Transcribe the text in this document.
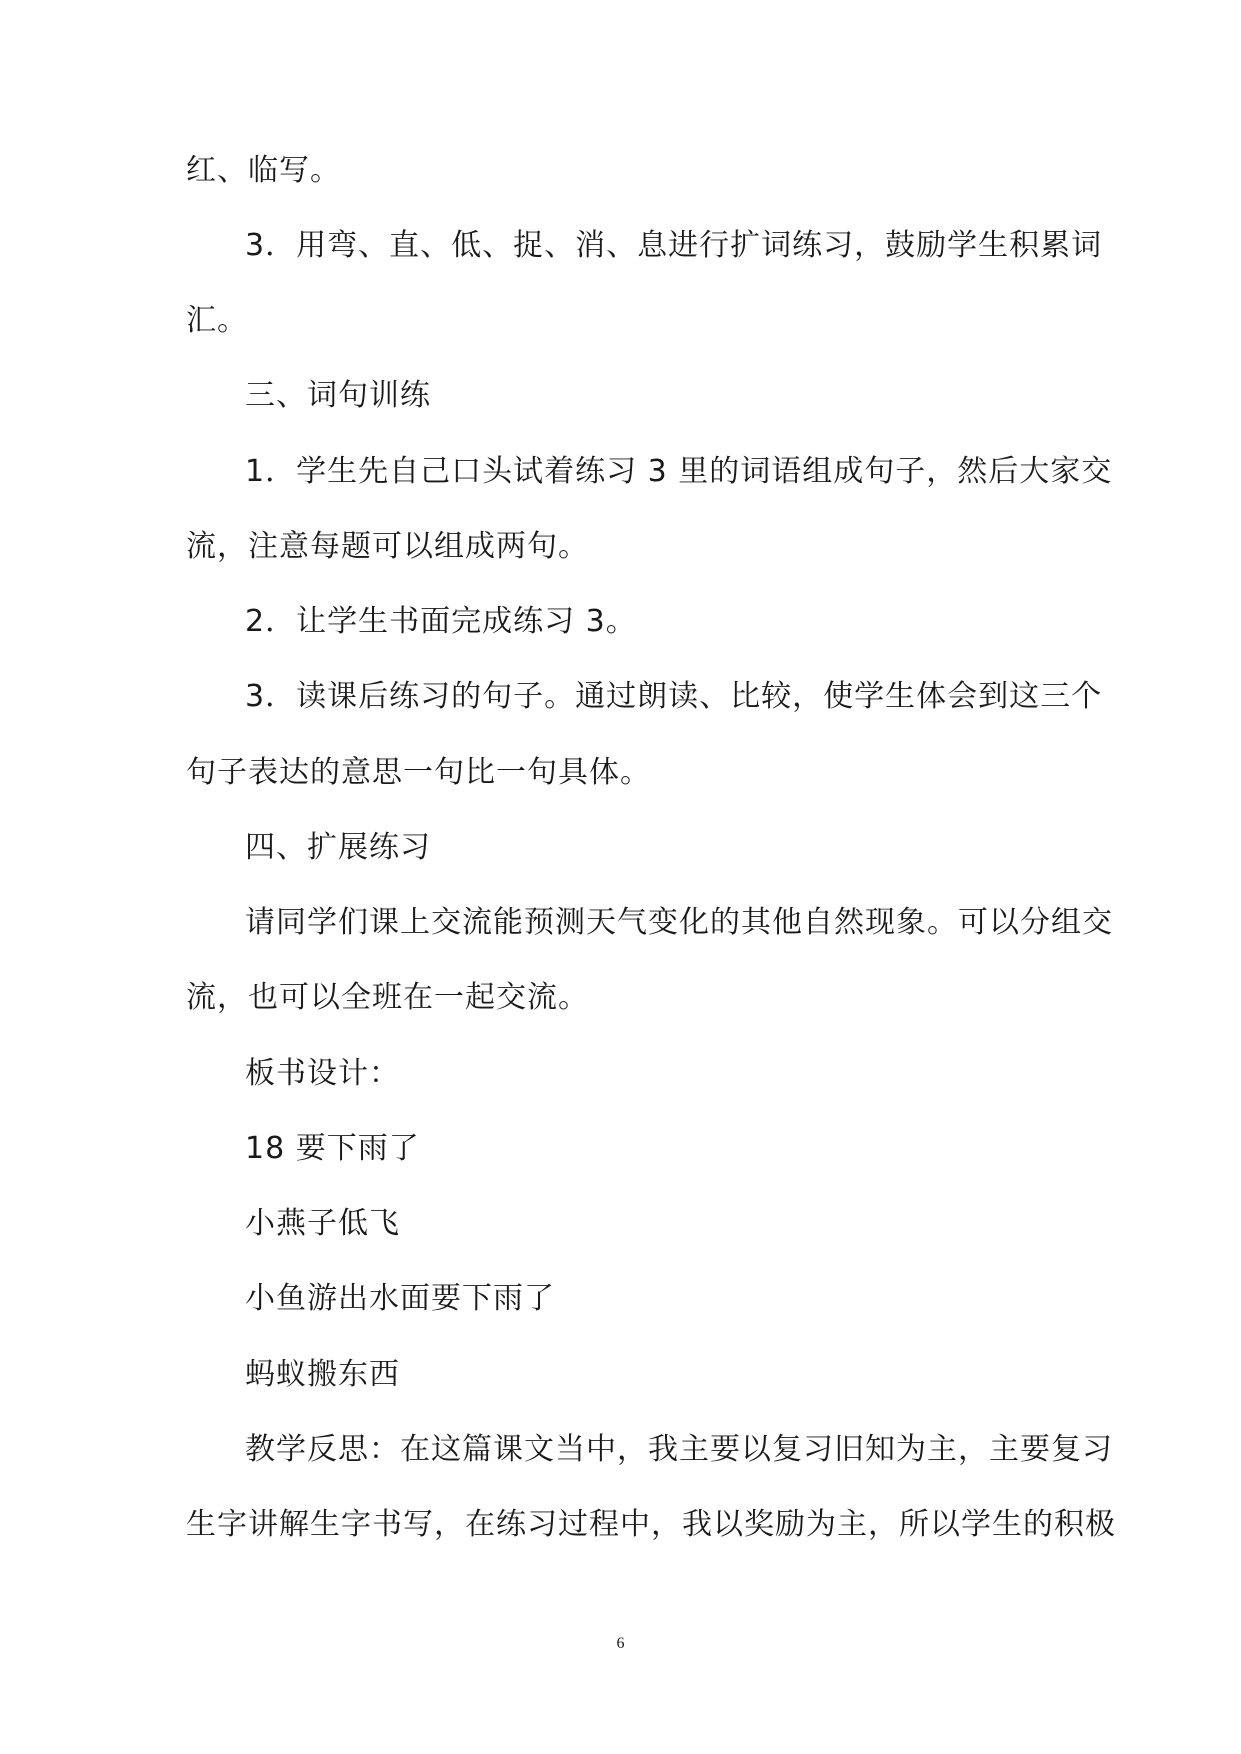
红、临写。
3．用弯、直、低、捉、消、息进行扩词练习，鼓励学生积累词
汇。
三、词句训练
1．学生先自己口头试着练习 3 里的词语组成句子，然后大家交
流，注意每题可以组成两句。
2．让学生书面完成练习 3。
3．读课后练习的句子。通过朗读、比较，使学生体会到这三个
句子表达的意思一句比一句具体。
四、扩展练习
请同学们课上交流能预测天气变化的其他自然现象。可以分组交
流，也可以全班在一起交流。
板书设计：
18 要下雨了
小燕子低飞
小鱼游出水面要下雨了
蚂蚁搬东西
教学反思：在这篇课文当中，我主要以复习旧知为主，主要复习
生字讲解生字书写，在练习过程中，我以奖励为主，所以学生的积极
6
